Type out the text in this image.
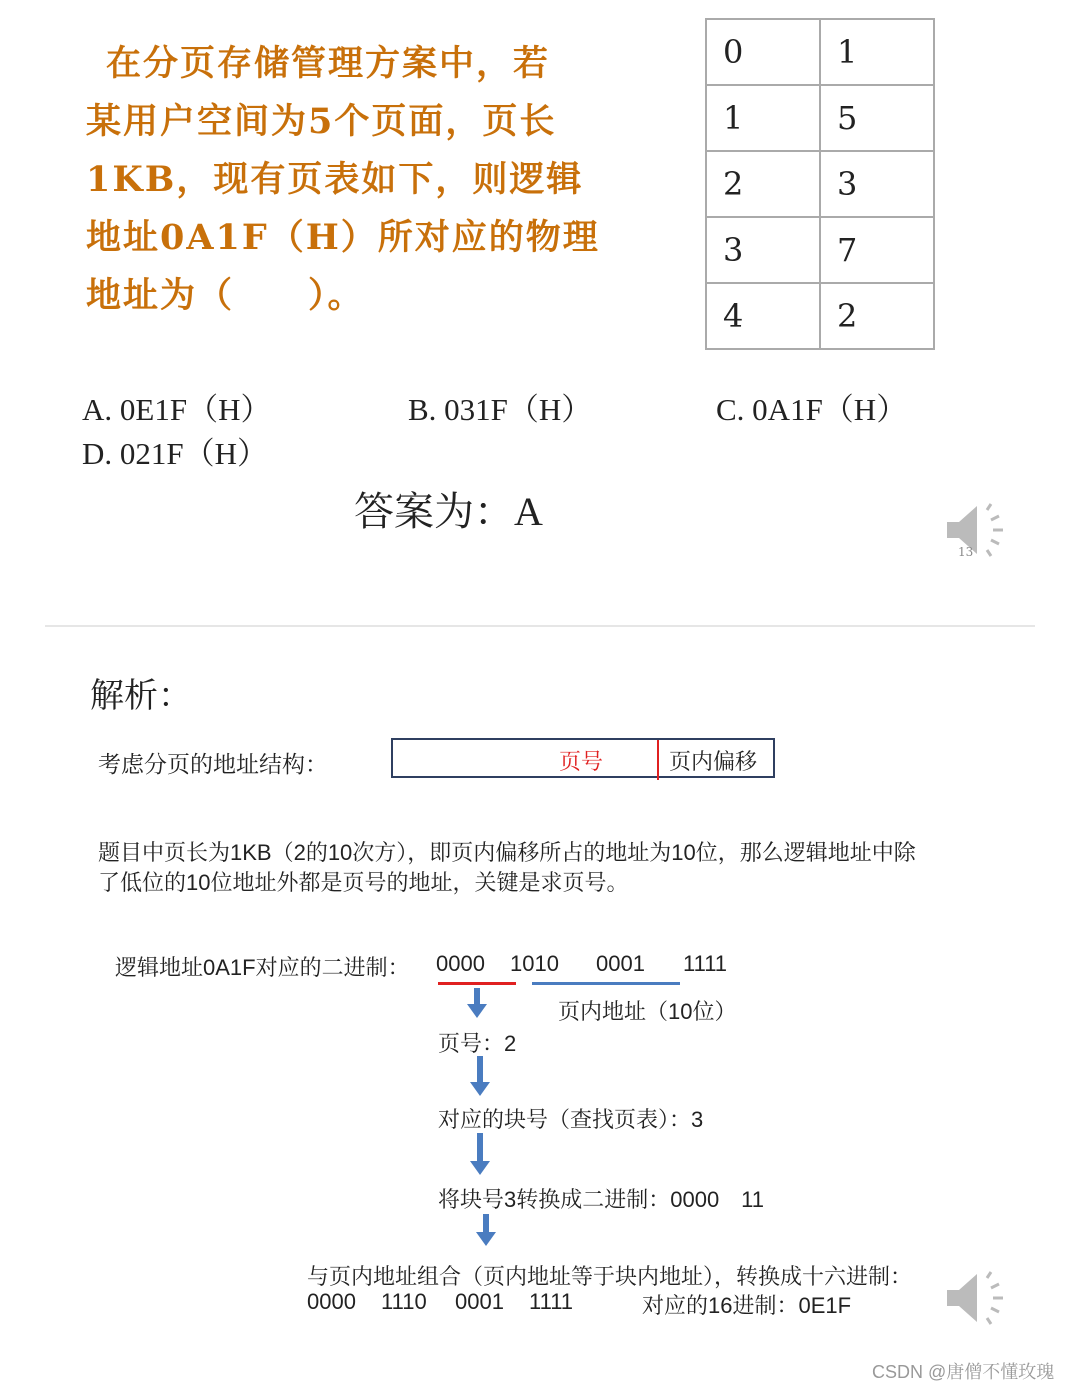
在分页存储管理方案中，若
某用户空间为5个页面，页长
1KB，现有页表如下，则逻辑
地址0A1F（H）所对应的物理
地址为（　　）。
0	1
1	5
2	3
3	7
4	2
A. 0E1F（H）	B. 031F（H）	C. 0A1F（H）
D. 021F（H）
答案为：A
13
解析：
考虑分页的地址结构：	页号	页内偏移
题目中页长为1KB（2的10次方），即页内偏移所占的地址为10位，那么逻辑地址中除
了低位的10位地址外都是页号的地址，关键是求页号。
逻辑地址0A1F对应的二进制： 0000 1010 0001 1111
页内地址（10位）
页号：2
对应的块号（查找页表）：3
将块号3转换成二进制：0000　11
与页内地址组合（页内地址等于块内地址），转换成十六进制：
0000 1110 0001 1111	对应的16进制：0E1F
CSDN @唐僧不懂玫瑰
